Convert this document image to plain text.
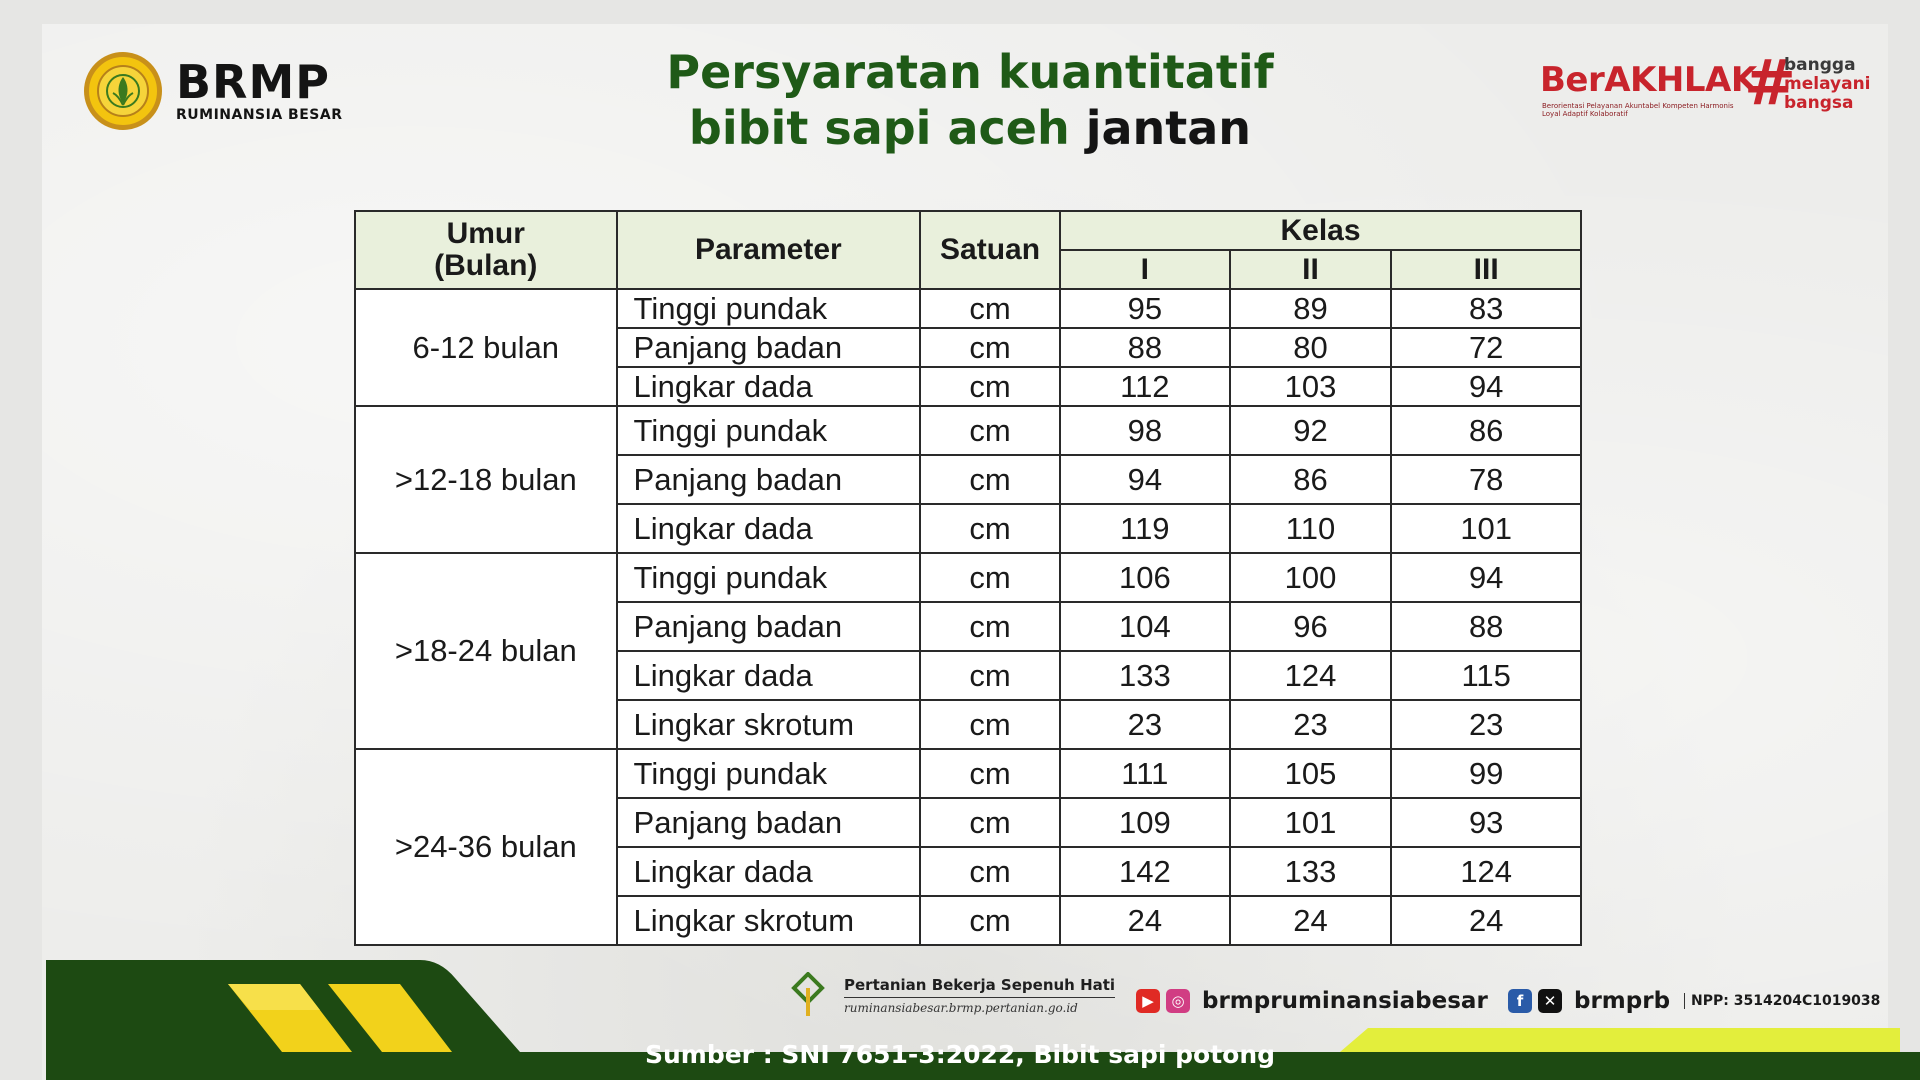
BRMP
RUMINANSIA BESAR
Persyaratan kuantitatif
bibit sapi aceh jantan
BerAKHLAK
Berorientasi Pelayanan Akuntabel Kompeten Harmonis Loyal Adaptif Kolaboratif	#
bangga
melayani
bangsa
Umur
(Bulan)	Parameter	Satuan	Kelas		
			I	II	III
6-12 bulan	Tinggi pundak	cm	95	89	83
	Panjang badan	cm	88	80	72
	Lingkar dada	cm	112	103	94
>12-18 bulan	Tinggi pundak	cm	98	92	86
	Panjang badan	cm	94	86	78
	Lingkar dada	cm	119	110	101
>18-24 bulan	Tinggi pundak	cm	106	100	94
	Panjang badan	cm	104	96	88
	Lingkar dada	cm	133	124	115
	Lingkar skrotum	cm	23	23	23
>24-36 bulan	Tinggi pundak	cm	111	105	99
	Panjang badan	cm	109	101	93
	Lingkar dada	cm	142	133	124
	Lingkar skrotum	cm	24	24	24
Pertanian Bekerja Sepenuh Hati
ruminansiabesar.brmp.pertanian.go.id	▶	◎ brmpruminansiabesar	f	✕ brmprb	NPP: 3514204C1019038
Sumber : SNI 7651-3:2022, Bibit sapi potong
